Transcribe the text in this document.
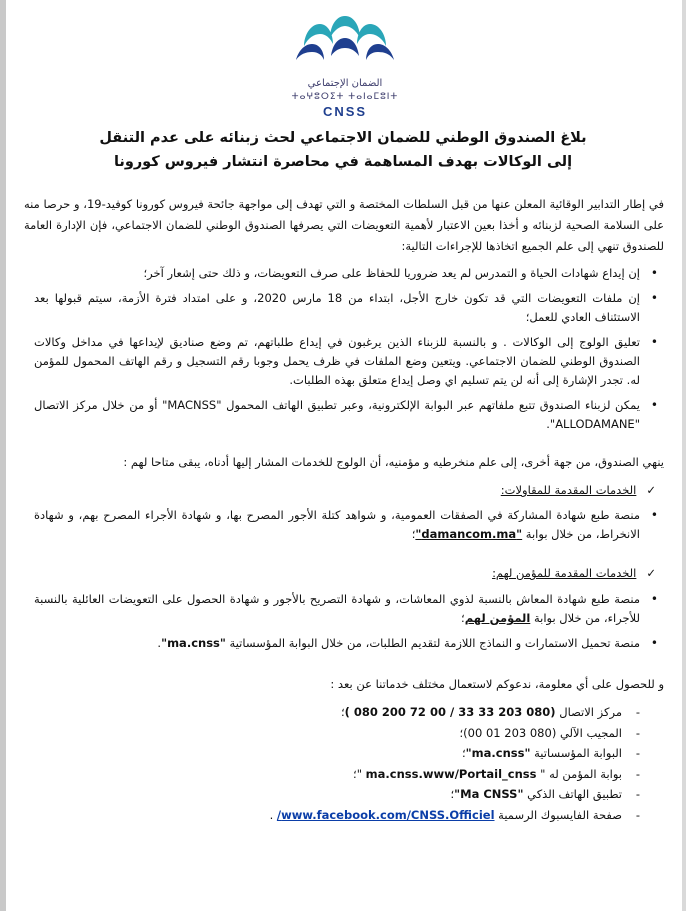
الضمان الإجتماعي
ⵜⴰⵖⵓⵔⵉⵜ ⵜⴰⵏⴰⵎⵓⵏⵜ
CNSS
بلاغ الصندوق الوطني للضمان الاجتماعي لحث زبنائه على عدم التنقل
إلى الوكالات بهدف المساهمة في محاصرة انتشار فيروس كورونا
في إطار التدابير الوقائية المعلن عنها من قبل السلطات المختصة و التي تهدف إلى مواجهة جائحة فيروس كورونا كوفيد-19، و حرصا منه على السلامة الصحية لزبنائه و أخذا بعين الاعتبار لأهمية التعويضات التي يصرفها الصندوق الوطني للضمان الاجتماعي، فإن الإدارة العامة للصندوق تنهي إلى علم الجميع اتخاذها للإجراءات التالية:
• إن إيداع شهادات الحياة و التمدرس لم يعد ضروريا للحفاظ على صرف التعويضات، و ذلك حتى إشعار آخر؛
• إن ملفات التعويضات التي قد تكون خارج الأجل، ابتداء من 18 مارس 2020، و على امتداد فترة الأزمة، سيتم قبولها بعد الاستئناف العادي للعمل؛
• تعليق الولوج إلى الوكالات . و بالنسبة للزبناء الذين يرغبون في إيداع طلباتهم، تم وضع صناديق لإيداعها في مداخل وكالات الصندوق الوطني للضمان الاجتماعي. ويتعين وضع الملفات في ظرف يحمل وجوبا رقم التسجيل و رقم الهاتف المحمول للمؤمن له. تجدر الإشارة إلى أنه لن يتم تسليم اي وصل إيداع متعلق بهذه الطلبات.
• يمكن لزبناء الصندوق تتبع ملفاتهم عبر البوابة الإلكترونية، وعبر تطبيق الهاتف المحمول "MACNSS" أو من خلال مركز الاتصال "ALLODAMANE".
ينهي الصندوق، من جهة أخرى، إلى علم منخرطيه و مؤمنيه، أن الولوج للخدمات المشار إليها أدناه، يبقى متاحا لهم :
✓الخدمات المقدمة للمقاولات:
• منصة طبع شهادة المشاركة في الصفقات العمومية، و شواهد كتلة الأجور المصرح بها، و شهادة الأجراء المصرح بهم، و شهادة الانخراط، من خلال بوابة "damancom.ma"؛
✓الخدمات المقدمة للمؤمن لهم:
• منصة طبع شهادة المعاش بالنسبة لذوي المعاشات، و شهادة التصريح بالأجور و شهادة الحصول على التعويضات العائلية بالنسبة للأجراء، من خلال بوابة المؤمن لهم؛
• منصة تحميل الاستمارات و النماذج اللازمة لتقديم الطلبات، من خلال البوابة المؤسساتية "ma.cnss".
و للحصول على أي معلومة، ندعوكم لاستعمال مختلف خدماتنا عن بعد :
- مركز الاتصال (080 203 33 33 / 00 72 200 080 )؛
- المجيب الآلي (080 203 01 00)؛
- البوابة المؤسساتية "ma.cnss"؛
- بوابة المؤمن له " ma.cnss.www/Portail_cnss "؛
- تطبيق الهاتف الذكي "Ma CNSS"؛
- صفحة الفايسبوك الرسمية www.facebook.com/CNSS.Officiel/ .
